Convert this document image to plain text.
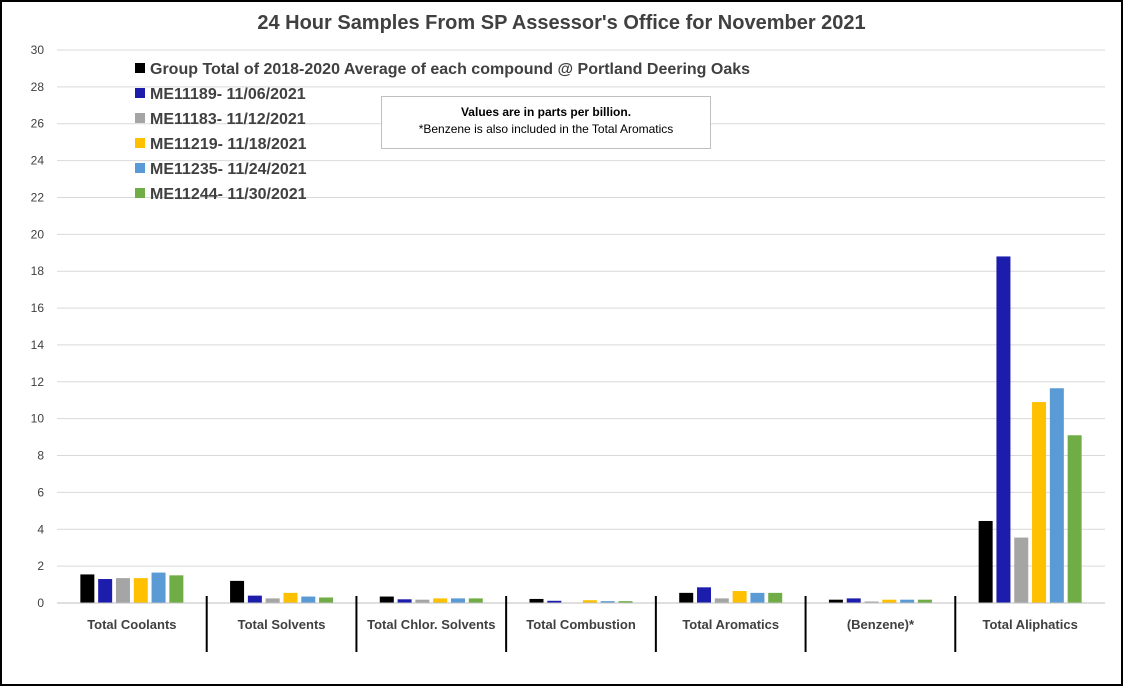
24 Hour Samples From SP Assessor's Office for November 2021
0
2
4
6
8
10
12
14
16
18
20
22
24
26
28
30
Total Coolants	Total Solvents	Total Chlor. Solvents Total Combustion	Total Aromatics	(Benzene)*	Total Aliphatics
Group Total of 2018-2020 Average of each compound @ Portland Deering Oaks
ME11189- 11/06/2021
ME11183- 11/12/2021
ME11219- 11/18/2021
ME11235- 11/24/2021
ME11244- 11/30/2021
Values are in parts per billion.
*Benzene is also included in the Total Aromatics
